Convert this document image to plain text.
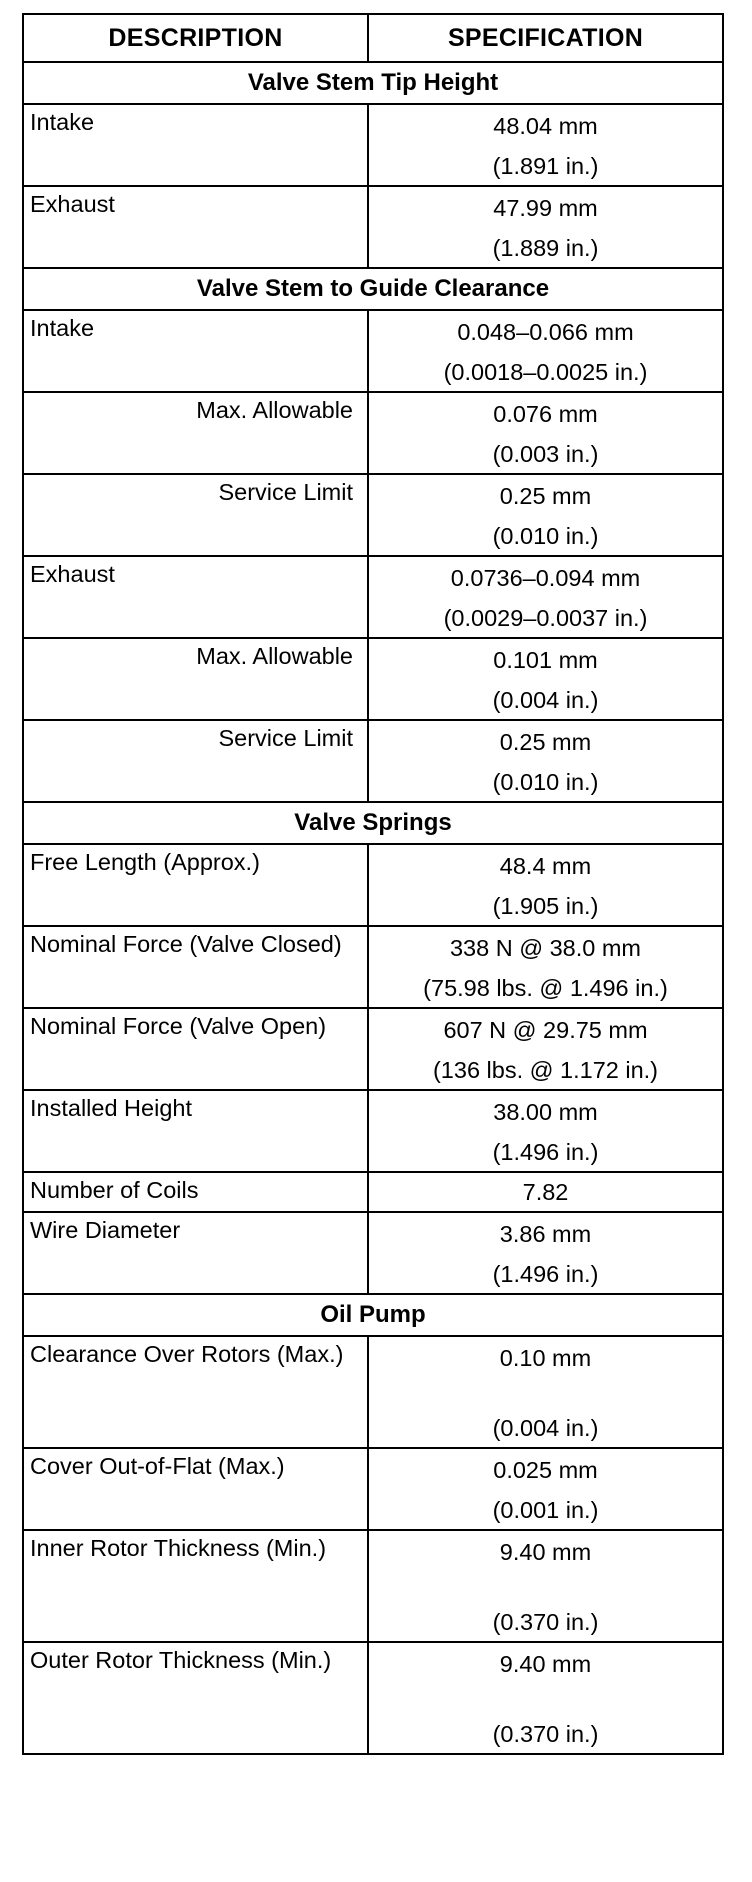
DESCRIPTION	SPECIFICATION
Valve Stem Tip Height	
Intake	48.04 mm
(1.891 in.)

Exhaust	47.99 mm
(1.889 in.)

Valve Stem to Guide Clearance	
Intake	0.048–0.066 mm
(0.0018–0.0025 in.)

Max. Allowable	0.076 mm
(0.003 in.)

Service Limit	0.25 mm
(0.010 in.)

Exhaust	0.0736–0.094 mm
(0.0029–0.0037 in.)

Max. Allowable	0.101 mm
(0.004 in.)

Service Limit	0.25 mm
(0.010 in.)

Valve Springs	
Free Length (Approx.)	48.4 mm
(1.905 in.)

Nominal Force (Valve Closed)	338 N @ 38.0 mm
(75.98 lbs. @ 1.496 in.)

Nominal Force (Valve Open)	607 N @ 29.75 mm
(136 lbs. @ 1.172 in.)

Installed Height	38.00 mm
(1.496 in.)

Number of Coils	7.82

Wire Diameter	3.86 mm
(1.496 in.)

Oil Pump	
Clearance Over Rotors (Max.)	0.10 mm
(0.004 in.)

Cover Out-of-Flat (Max.)	0.025 mm
(0.001 in.)

Inner Rotor Thickness (Min.)	9.40 mm
(0.370 in.)

Outer Rotor Thickness (Min.)	9.40 mm
(0.370 in.)
